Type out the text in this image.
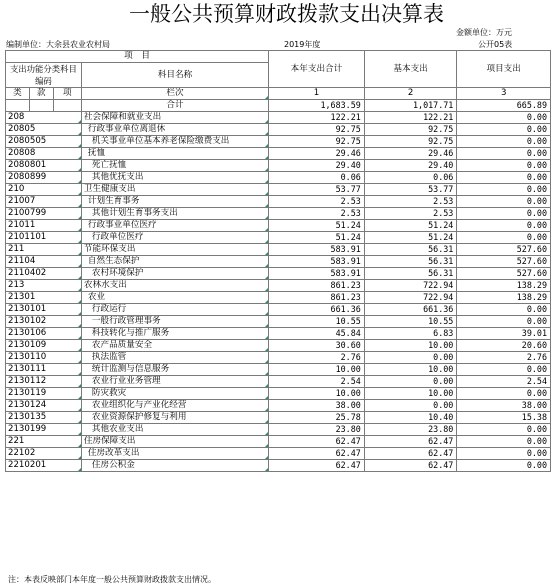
一般公共预算财政拨款支出决算表
金额单位：万元
编制单位：大余县农业农村局	2019年度	公开05表
项　目				本年支出合计	基本支出	项目支出
支出功能分类科目编码			科目名称			

类	款	项				
			栏次	1	2	3
			合计	1,683.59	1,017.71	665.89
208			社会保障和就业支出	122.21	122.21	0.00
20805			行政事业单位离退休	92.75	92.75	0.00
2080505			机关事业单位基本养老保险缴费支出	92.75	92.75	0.00
20808			抚恤	29.46	29.46	0.00
2080801			死亡抚恤	29.40	29.40	0.00
2080899			其他优抚支出	0.06	0.06	0.00
210			卫生健康支出	53.77	53.77	0.00
21007			计划生育事务	2.53	2.53	0.00
2100799			其他计划生育事务支出	2.53	2.53	0.00
21011			行政事业单位医疗	51.24	51.24	0.00
2101101			行政单位医疗	51.24	51.24	0.00
211			节能环保支出	583.91	56.31	527.60
21104			自然生态保护	583.91	56.31	527.60
2110402			农村环境保护	583.91	56.31	527.60
213			农林水支出	861.23	722.94	138.29
21301			农业	861.23	722.94	138.29
2130101			行政运行	661.36	661.36	0.00
2130102			一般行政管理事务	10.55	10.55	0.00
2130106			科技转化与推广服务	45.84	6.83	39.01
2130109			农产品质量安全	30.60	10.00	20.60
2130110			执法监管	2.76	0.00	2.76
2130111			统计监测与信息服务	10.00	10.00	0.00
2130112			农业行业业务管理	2.54	0.00	2.54
2130119			防灾救灾	10.00	10.00	0.00
2130124			农业组织化与产业化经营	38.00	0.00	38.00
2130135			农业资源保护修复与利用	25.78	10.40	15.38
2130199			其他农业支出	23.80	23.80	0.00
221			住房保障支出	62.47	62.47	0.00
22102			住房改革支出	62.47	62.47	0.00
2210201			住房公积金	62.47	62.47	0.00
注：本表反映部门本年度一般公共预算财政拨款支出情况。
